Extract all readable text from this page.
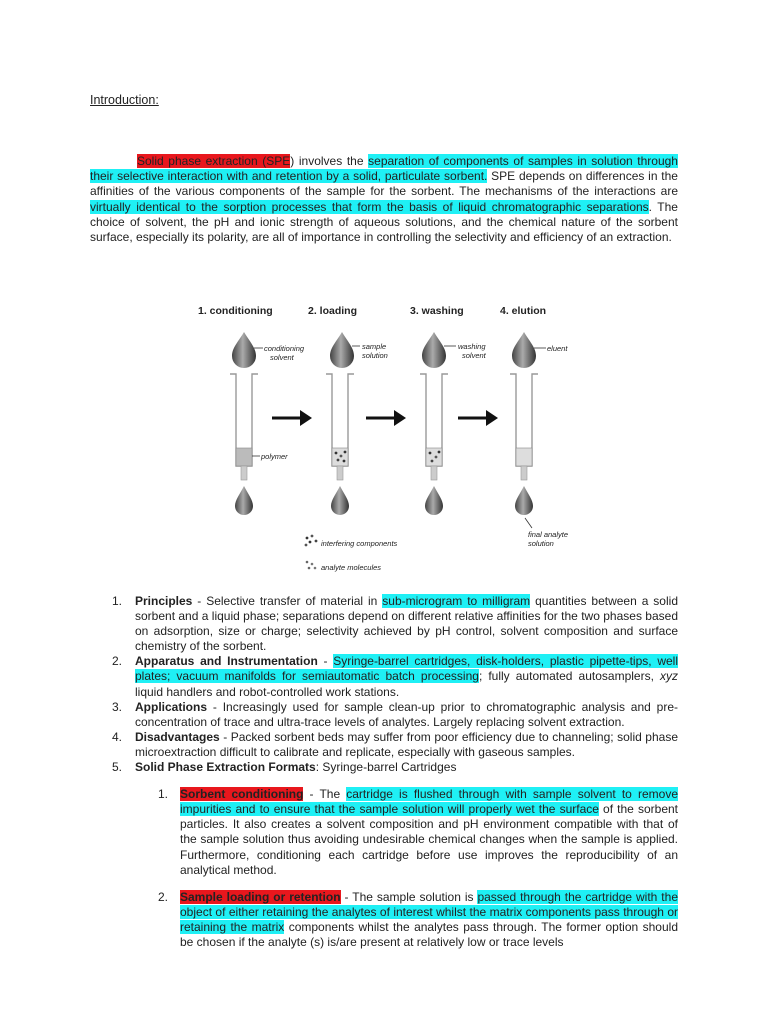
Introduction:

Solid phase extraction (SPE) involves the separation of components of samples in solution through their selective interaction with and retention by a solid, particulate sorbent. SPE depends on differences in the affinities of the various components of the sample for the sorbent. The mechanisms of the interactions are virtually identical to the sorption processes that form the basis of liquid chromatographic separations. The choice of solvent, the pH and ionic strength of aqueous solutions, and the chemical nature of the sorbent surface, especially its polarity, are all of importance in controlling the selectivity and efficiency of an extraction.

1. conditioning	2. loading	3. washing	4. elution
conditioning
solvent
polymer
sample
solution
washing
solvent
eluent
final analyte
solution
interfering components
analyte molecules

1. Principles - Selective transfer of material in sub-microgram to milligram quantities between a solid sorbent and a liquid phase; separations depend on different relative affinities for the two phases based on adsorption, size or charge; selectivity achieved by pH control, solvent composition and surface chemistry of the sorbent.

2. Apparatus and Instrumentation - Syringe-barrel cartridges, disk-holders, plastic pipette-tips, well plates; vacuum manifolds for semiautomatic batch processing; fully automated autosamplers, xyz liquid handlers and robot-controlled work stations.

3. Applications - Increasingly used for sample clean-up prior to chromatographic analysis and pre-concentration of trace and ultra-trace levels of analytes. Largely replacing solvent extraction.

4. Disadvantages - Packed sorbent beds may suffer from poor efficiency due to channeling; solid phase microextraction difficult to calibrate and replicate, especially with gaseous samples.

5. Solid Phase Extraction Formats: Syringe-barrel Cartridges

1. Sorbent conditioning - The cartridge is flushed through with sample solvent to remove impurities and to ensure that the sample solution will properly wet the surface of the sorbent particles. It also creates a solvent composition and pH environment compatible with that of the sample solution thus avoiding undesirable chemical changes when the sample is applied. Furthermore, conditioning each cartridge before use improves the reproducibility of an analytical method.

2. Sample loading or retention - The sample solution is passed through the cartridge with the object of either retaining the analytes of interest whilst the matrix components pass through or retaining the matrix components whilst the analytes pass through. The former option should be chosen if the analyte (s) is/are present at relatively low or trace levels
